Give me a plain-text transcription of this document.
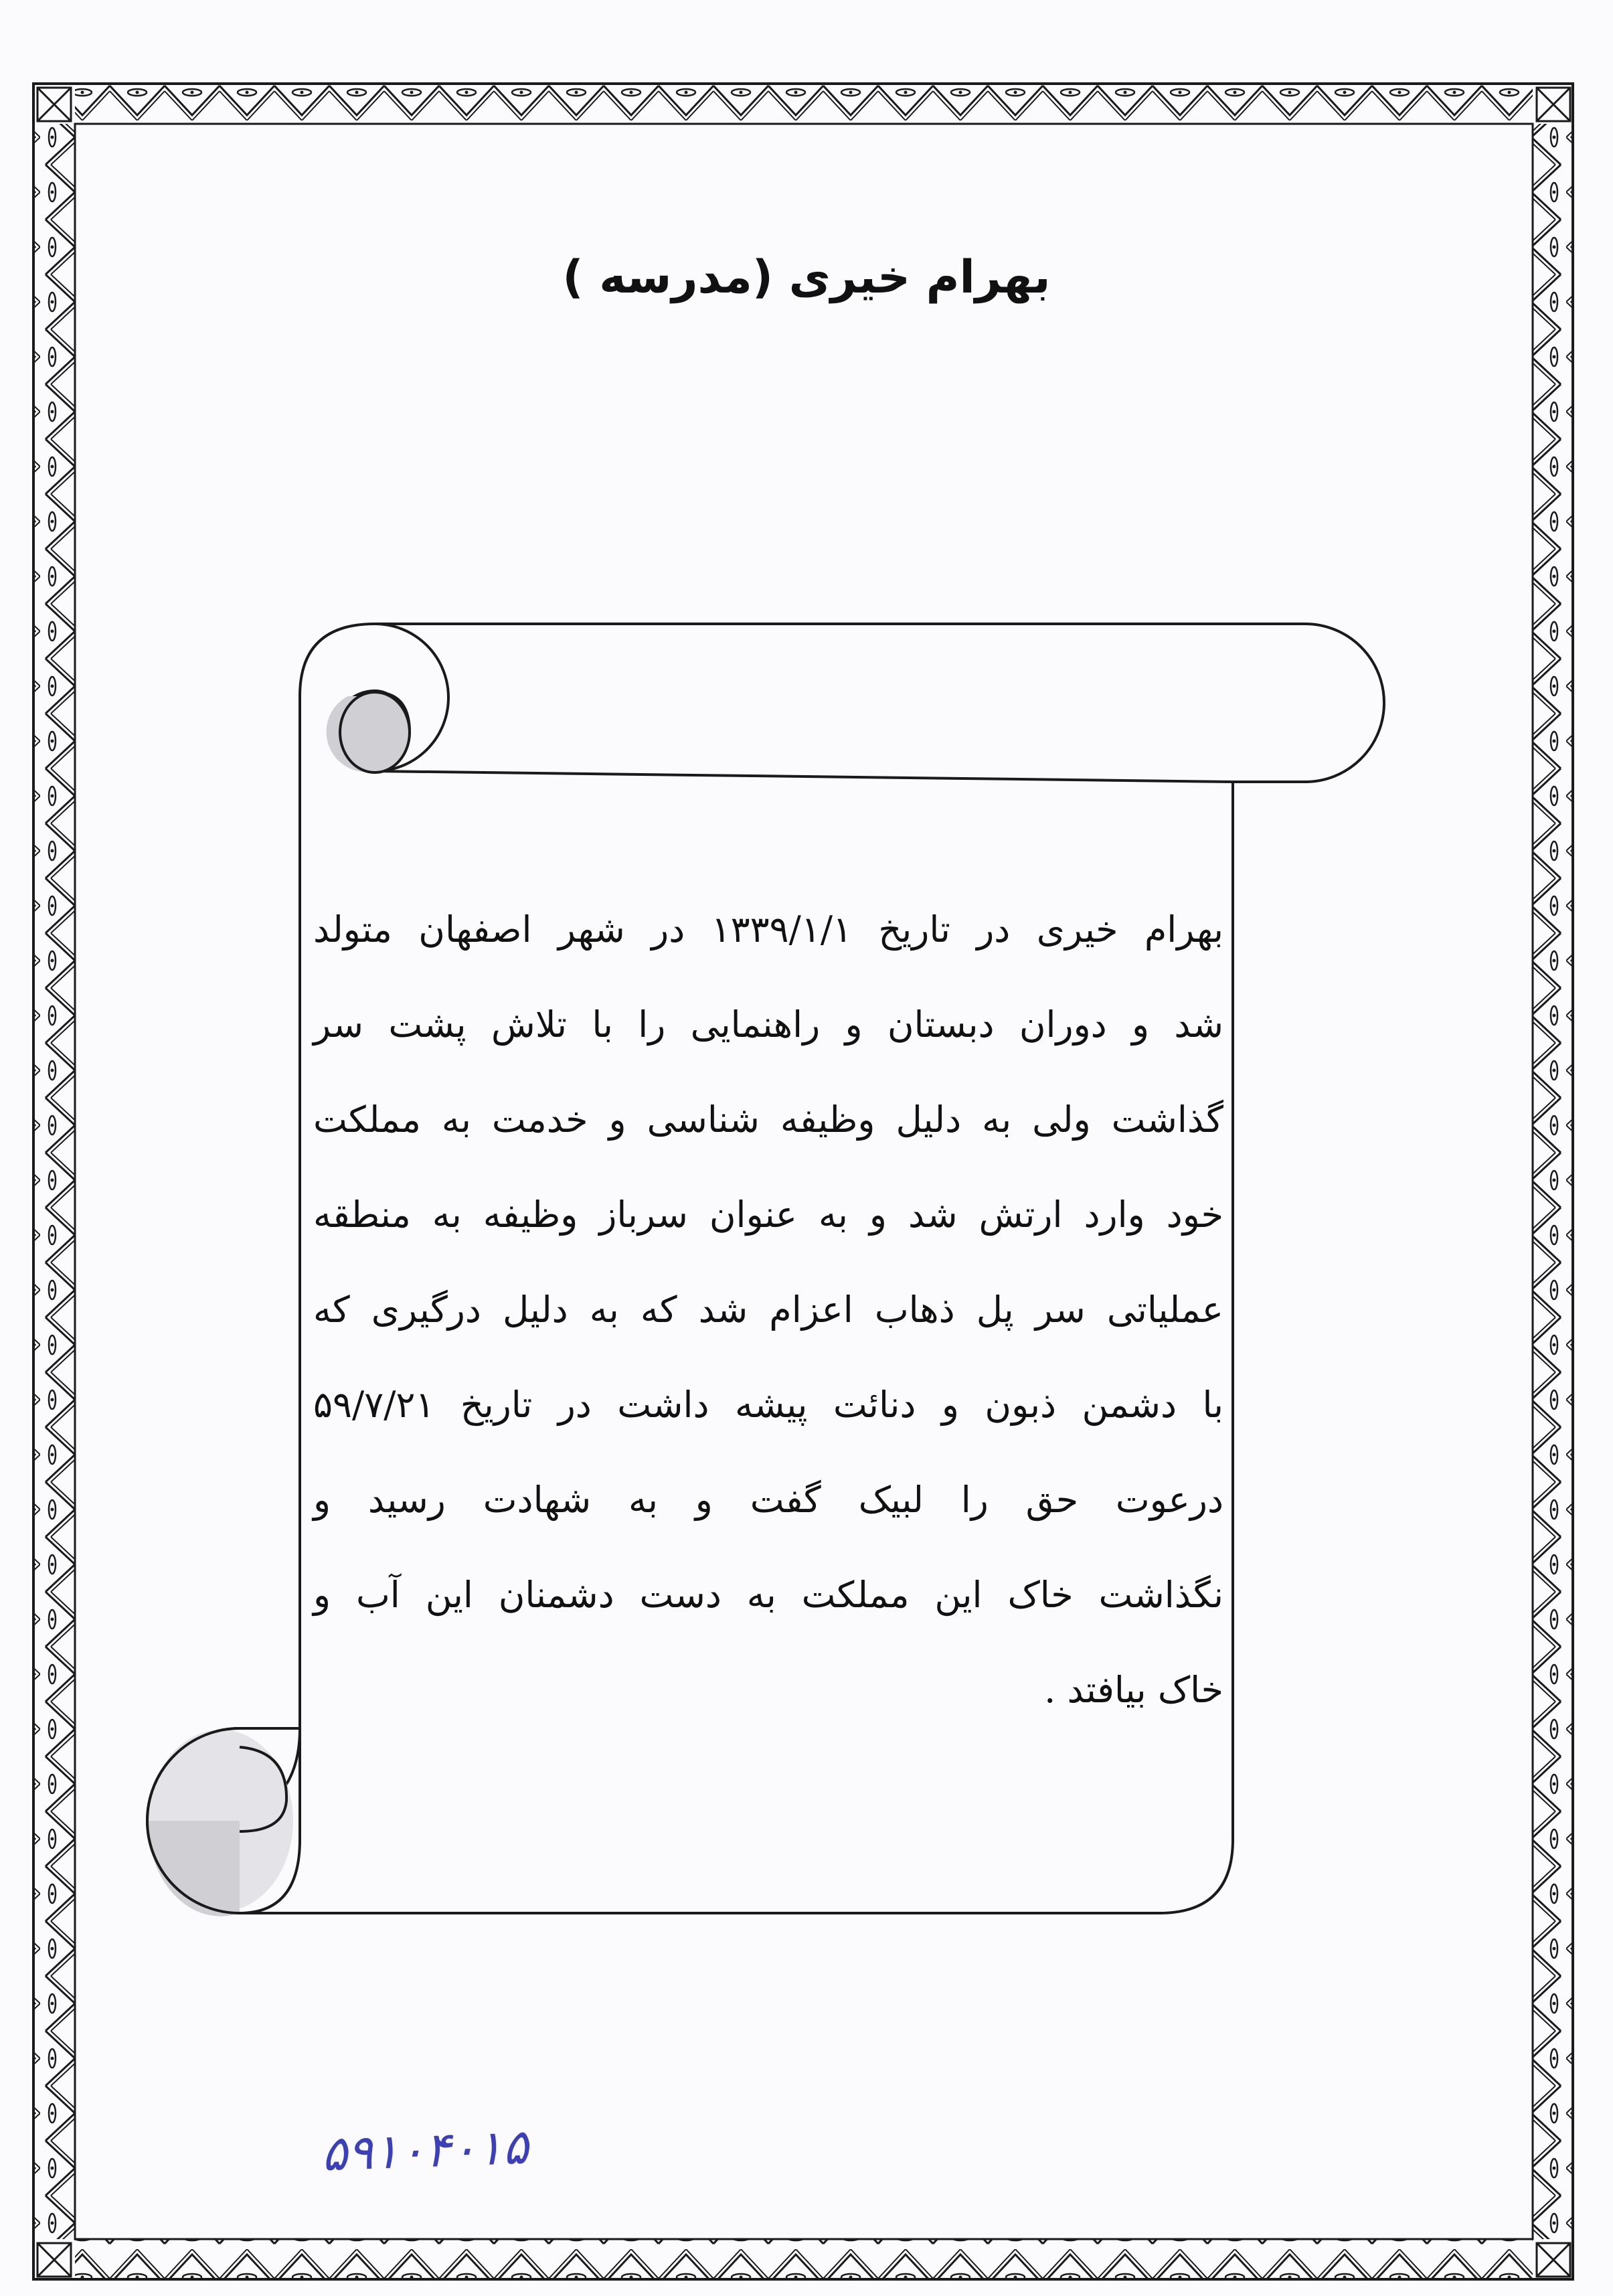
بهرام خیری (مدرسه )
بهرام خیری در تاریخ ۱۳۳۹/۱/۱ در شهر اصفهان متولد
شد و دوران دبستان و راهنمایی را با تلاش پشت سر
گذاشت ولی به دلیل وظیفه شناسی و خدمت به مملکت
خود وارد ارتش شد و به عنوان سرباز وظیفه به منطقه
عملیاتی سر پل ذهاب اعزام شد که به دلیل درگیری که
با دشمن ذبون و دنائت پیشه داشت در تاریخ ۵۹/۷/۲۱
درعوت حق را لبیک گفت و به شهادت رسید و
نگذاشت خاک این مملکت به دست دشمنان این آب و
خاک بیافتد .
۵۹۱۰۴۰۱۵
